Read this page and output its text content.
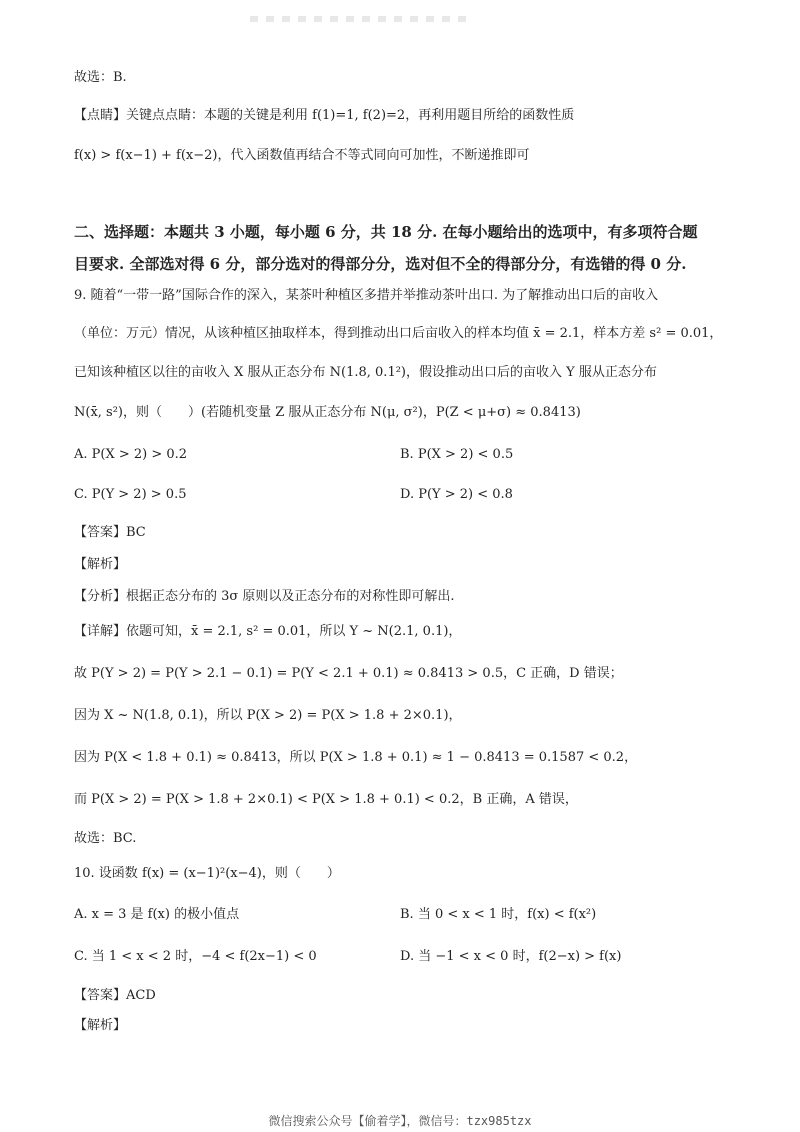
故选：B.
【点睛】关键点点睛：本题的关键是利用 f(1)=1, f(2)=2，再利用题目所给的函数性质
f(x) > f(x−1) + f(x−2)，代入函数值再结合不等式同向可加性，不断递推即可
二、选择题：本题共 3 小题，每小题 6 分，共 18 分. 在每小题给出的选项中，有多项符合题
目要求. 全部选对得 6 分，部分选对的得部分分，选对但不全的得部分分，有选错的得 0 分.
9. 随着“一带一路”国际合作的深入，某茶叶种植区多措并举推动茶叶出口. 为了解推动出口后的亩收入
（单位：万元）情况，从该种植区抽取样本，得到推动出口后亩收入的样本均值 x̄ = 2.1，样本方差 s² = 0.01，
已知该种植区以往的亩收入 X 服从正态分布 N(1.8, 0.1²)，假设推动出口后的亩收入 Y 服从正态分布
N(x̄, s²)，则（　　）(若随机变量 Z 服从正态分布 N(μ, σ²)，P(Z < μ+σ) ≈ 0.8413)
A. P(X > 2) > 0.2	B. P(X > 2) < 0.5
C. P(Y > 2) > 0.5	D. P(Y > 2) < 0.8
【答案】BC
【解析】
【分析】根据正态分布的 3σ 原则以及正态分布的对称性即可解出.
【详解】依题可知，x̄ = 2.1, s² = 0.01，所以 Y ~ N(2.1, 0.1)，
故 P(Y > 2) = P(Y > 2.1 − 0.1) = P(Y < 2.1 + 0.1) ≈ 0.8413 > 0.5，C 正确，D 错误；
因为 X ~ N(1.8, 0.1)，所以 P(X > 2) = P(X > 1.8 + 2×0.1)，
因为 P(X < 1.8 + 0.1) ≈ 0.8413，所以 P(X > 1.8 + 0.1) ≈ 1 − 0.8413 = 0.1587 < 0.2，
而 P(X > 2) = P(X > 1.8 + 2×0.1) < P(X > 1.8 + 0.1) < 0.2，B 正确，A 错误，
故选：BC.
10. 设函数 f(x) = (x−1)²(x−4)，则（　　）
A. x = 3 是 f(x) 的极小值点	B. 当 0 < x < 1 时，f(x) < f(x²)
C. 当 1 < x < 2 时，−4 < f(2x−1) < 0	D. 当 −1 < x < 0 时，f(2−x) > f(x)
【答案】ACD
【解析】
微信搜索公众号【偷着学】，微信号：tzx985tzx
